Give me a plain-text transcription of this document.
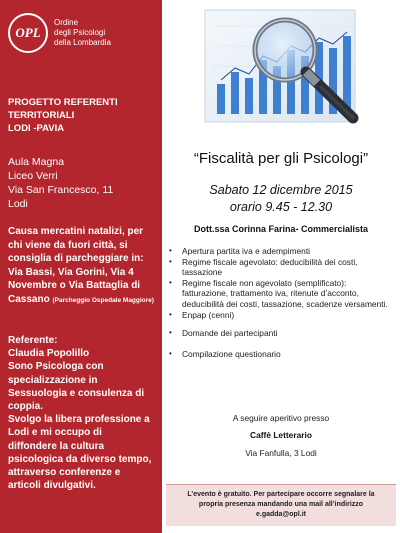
OPL
Ordine
degli Psicologi
della Lombardia

PROGETTO REFERENTI

TERRITORIALI

LODI -PAVIA

Aula Magna

Liceo Verri

Via San Francesco, 11

Lodi

Causa mercatini natalizi, per

chi viene da fuori città, si

consiglia di parcheggiare in:

Via Bassi, Via Gorini, Via 4

Novembre o Via Battaglia di

Cassano (Parcheggio Ospedale Maggiore)

Referente:

Claudia Popolillo

Sono Psicologa con

specializzazione in

Sessuologia e consulenza di

coppia.

Svolgo la libera professione a

Lodi e mi occupo di

diffondere la cultura

psicologica da diverso tempo,

attraverso conferenze e

articoli divulgativi.

“Fiscalità per gli Psicologi”
Sabato 12 dicembre 2015
orario 9.45 - 12.30
Dott.ssa Corinna Farina- Commercialista
• Apertura partita iva e adempimenti
• Regime fiscale agevolato: deducibilità dei costi, tassazione
• Regime fiscale non agevolato (semplificato): fatturazione, trattamento iva, ritenute d’acconto, deducibilità dei costi, tassazione, scadenze versamenti.
• Enpap (cenni)
• Domande dei partecipanti
• Compilazione questionario
A seguire aperitivo presso
Caffè Letterario
Via Fanfulla, 3 Lodi

L’evento è gratuito. Per partecipare occorre segnalare la

propria presenza mandando una mail all’indirizzo

e.gadda@opl.it
